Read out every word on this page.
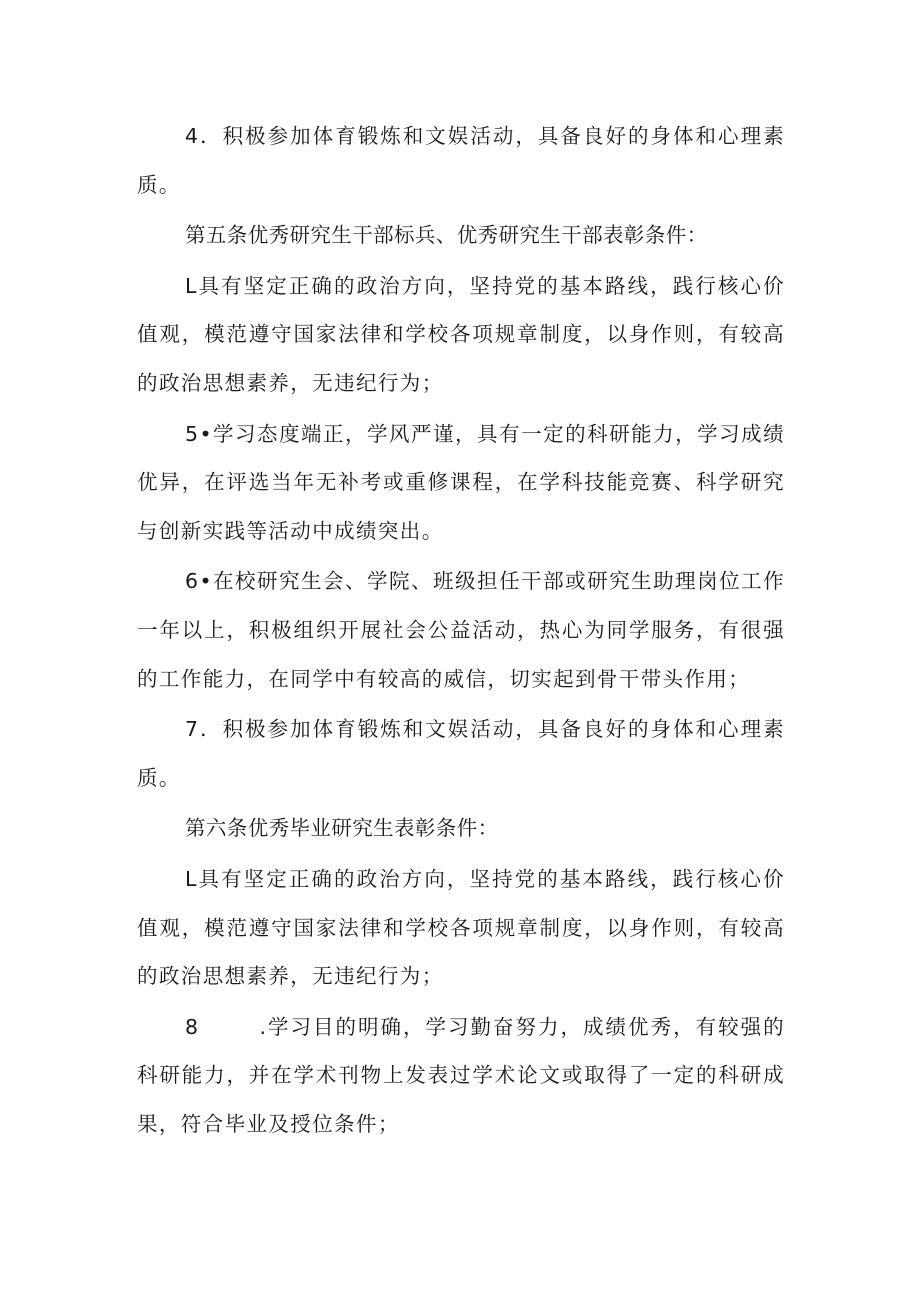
4．积极参加体育锻炼和文娱活动，具备良好的身体和心理素质。

第五条优秀研究生干部标兵、优秀研究生干部表彰条件：

L具有坚定正确的政治方向，坚持党的基本路线，践行核心价值观，模范遵守国家法律和学校各项规章制度，以身作则，有较高的政治思想素养，无违纪行为；

5•学习态度端正，学风严谨，具有一定的科研能力，学习成绩优异，在评选当年无补考或重修课程，在学科技能竞赛、科学研究与创新实践等活动中成绩突出。

6•在校研究生会、学院、班级担任干部或研究生助理岗位工作一年以上，积极组织开展社会公益活动，热心为同学服务，有很强的工作能力，在同学中有较高的威信，切实起到骨干带头作用；

7．积极参加体育锻炼和文娱活动，具备良好的身体和心理素质。

第六条优秀毕业研究生表彰条件：

L具有坚定正确的政治方向，坚持党的基本路线，践行核心价值观，模范遵守国家法律和学校各项规章制度，以身作则，有较高的政治思想素养，无违纪行为；

8	.学习目的明确，学习勤奋努力，成绩优秀，有较强的科研能力，并在学术刊物上发表过学术论文或取得了一定的科研成果，符合毕业及授位条件；
